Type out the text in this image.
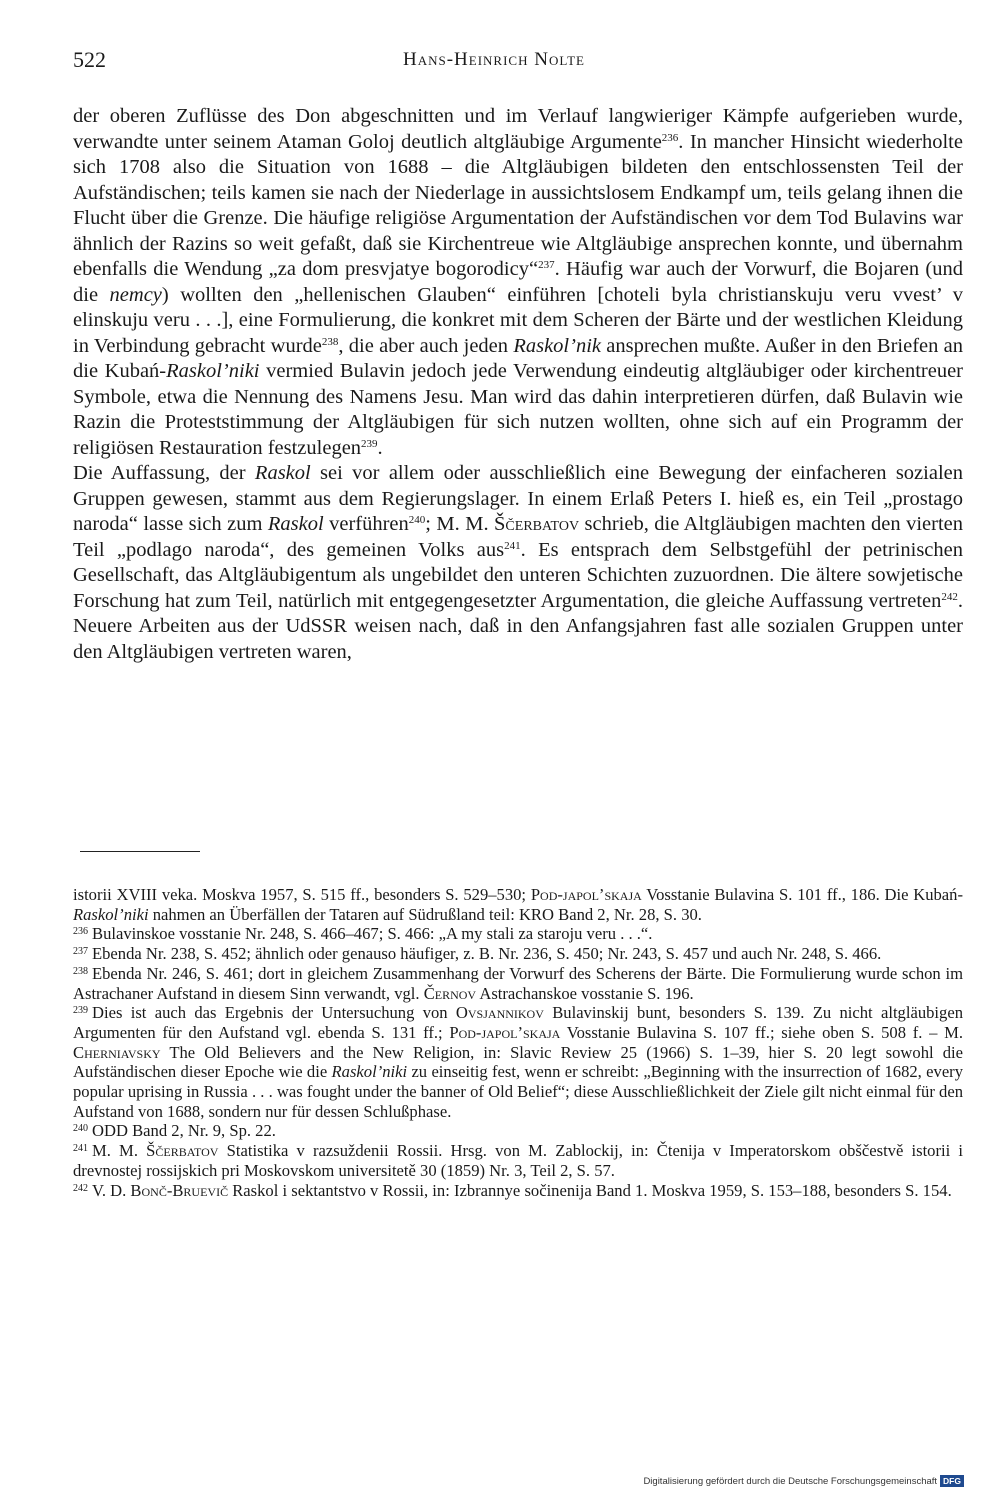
522	Hans-Heinrich Nolte

der oberen Zuflüsse des Don abgeschnitten und im Verlauf langwieriger Kämpfe aufgerieben wurde, verwandte unter seinem Ataman Goloj deutlich altgläubige Argumente$^{236}$. In mancher Hinsicht wiederholte sich 1708 also die Situation von 1688 – die Altgläubigen bildeten den entschlossensten Teil der Aufständischen; teils kamen sie nach der Niederlage in aussichtslosem Endkampf um, teils gelang ihnen die Flucht über die Grenze. Die häufige religiöse Argumentation der Aufständischen vor dem Tod Bulavins war ähnlich der Razins so weit gefaßt, daß sie Kirchentreue wie Altgläubige ansprechen konnte, und übernahm ebenfalls die Wendung „za dom presvjatye bogorodicy“$^{237}$. Häufig war auch der Vorwurf, die Bojaren (und die nemcy) wollten den „hellenischen Glauben“ einführen [choteli byla christianskuju veru vvest’ v elinskuju veru . . .], eine Formulierung, die konkret mit dem Scheren der Bärte und der westlichen Kleidung in Verbindung gebracht wurde$^{238}$, die aber auch jeden Raskol’nik ansprechen mußte. Außer in den Briefen an die Kubań-Raskol’niki vermied Bulavin jedoch jede Verwendung eindeutig altgläubiger oder kirchentreuer Symbole, etwa die Nennung des Namens Jesu. Man wird das dahin interpretieren dürfen, daß Bulavin wie Razin die Proteststimmung der Altgläubigen für sich nutzen wollten, ohne sich auf ein Programm der religiösen Restauration festzulegen$^{239}$.

Die Auffassung, der Raskol sei vor allem oder ausschließlich eine Bewegung der einfacheren sozialen Gruppen gewesen, stammt aus dem Regierungslager. In einem Erlaß Peters I. hieß es, ein Teil „prostago naroda“ lasse sich zum Raskol verführen$^{240}$; M. M. Ščerbatov schrieb, die Altgläubigen machten den vierten Teil „podlago naroda“, des gemeinen Volks aus$^{241}$. Es entsprach dem Selbstgefühl der petrinischen Gesellschaft, das Altgläubigentum als ungebildet den unteren Schichten zuzuordnen. Die ältere sowjetische Forschung hat zum Teil, natürlich mit entgegengesetzter Argumentation, die gleiche Auffassung vertreten$^{242}$. Neuere Arbeiten aus der UdSSR weisen nach, daß in den Anfangsjahren fast alle sozialen Gruppen unter den Altgläubigen vertreten waren,

istorii XVIII veka. Moskva 1957, S. 515 ff., besonders S. 529–530; Pod-japol’skaja Vosstanie Bulavina S. 101 ff., 186. Die Kubań-Raskol’niki nahmen an Überfällen der Tataren auf Südrußland teil: KRO Band 2, Nr. 28, S. 30.

$^{236}$ Bulavinskoe vosstanie Nr. 248, S. 466–467; S. 466: „A my stali za staroju veru . . .“.

$^{237}$ Ebenda Nr. 238, S. 452; ähnlich oder genauso häufiger, z. B. Nr. 236, S. 450; Nr. 243, S. 457 und auch Nr. 248, S. 466.

$^{238}$ Ebenda Nr. 246, S. 461; dort in gleichem Zusammenhang der Vorwurf des Scherens der Bärte. Die Formulierung wurde schon im Astrachaner Aufstand in diesem Sinn verwandt, vgl. Černov Astrachanskoe vosstanie S. 196.

$^{239}$ Dies ist auch das Ergebnis der Untersuchung von Ovsjannikov Bulavinskij bunt, besonders S. 139. Zu nicht altgläubigen Argumenten für den Aufstand vgl. ebenda S. 131 ff.; Pod-japol’skaja Vosstanie Bulavina S. 107 ff.; siehe oben S. 508 f. – M. Cherniavsky The Old Believers and the New Religion, in: Slavic Review 25 (1966) S. 1–39, hier S. 20 legt sowohl die Aufständischen dieser Epoche wie die Raskol’niki zu einseitig fest, wenn er schreibt: „Beginning with the insurrection of 1682, every popular uprising in Russia . . . was fought under the banner of Old Belief“; diese Ausschließlichkeit der Ziele gilt nicht einmal für den Aufstand von 1688, sondern nur für dessen Schlußphase.

$^{240}$ ODD Band 2, Nr. 9, Sp. 22.

$^{241}$ M. M. Ščerbatov Statistika v razsuždenii Rossii. Hrsg. von M. Zablockij, in: Čtenija v Imperatorskom obščestvě istorii i drevnostej rossijskich pri Moskovskom universitetě 30 (1859) Nr. 3, Teil 2, S. 57.

$^{242}$ V. D. Bonč-Bruevič Raskol i sektantstvo v Rossii, in: Izbrannye sočinenija Band 1. Moskva 1959, S. 153–188, besonders S. 154.

Digitalisierung gefördert durch die Deutsche Forschungsgemeinschaft DFG
